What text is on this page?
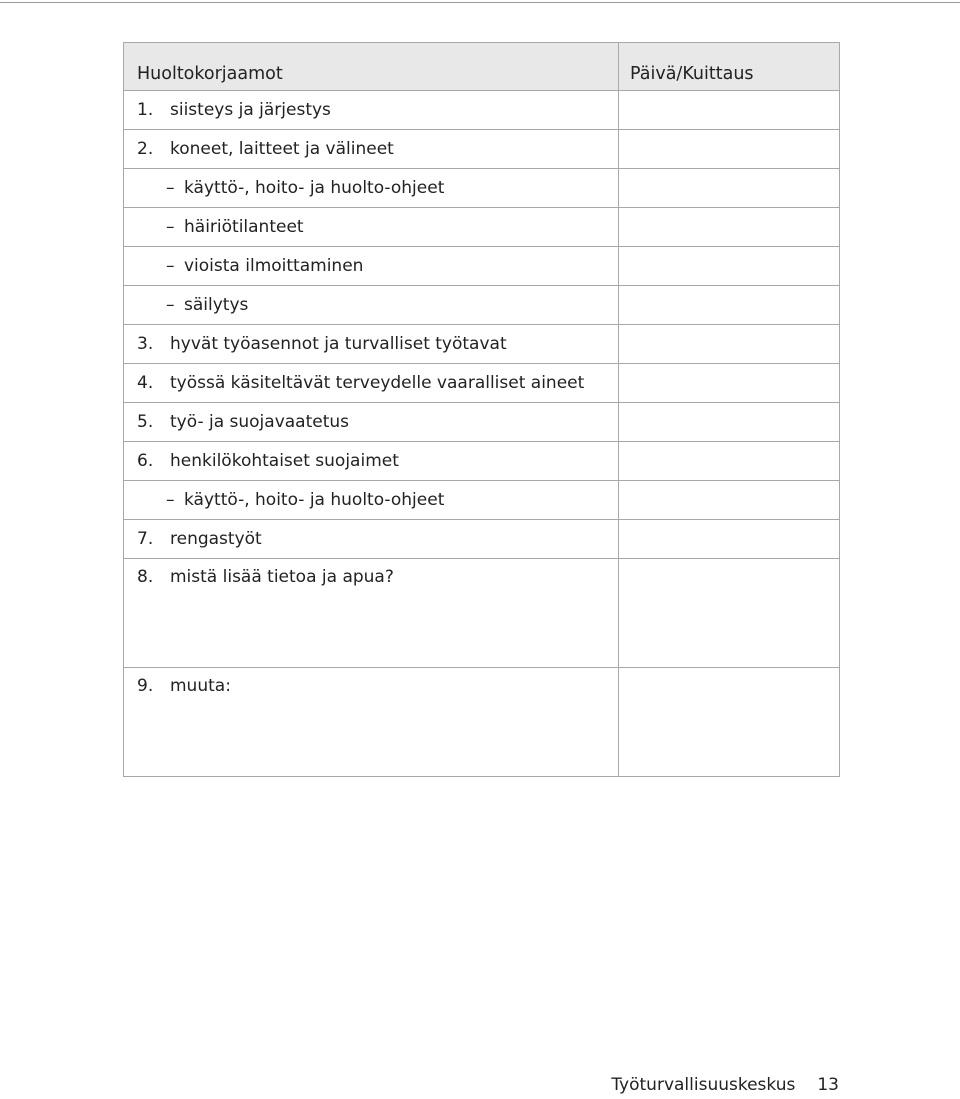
Huoltokorjaamot	Päivä/Kuittaus

1. siisteys ja järjestys	

2. koneet, laitteet ja välineet	

– käyttö-, hoito- ja huolto-ohjeet	

– häiriötilanteet	

– vioista ilmoittaminen	

– säilytys	

3. hyvät työasennot ja turvalliset työtavat	

4. työssä käsiteltävät terveydelle vaaralliset aineet	

5. työ- ja suojavaatetus	

6. henkilökohtaiset suojaimet	

– käyttö-, hoito- ja huolto-ohjeet	

7. rengastyöt	

8. mistä lisää tietoa ja apua?	

9. muuta:	

Työturvallisuuskeskus 13
